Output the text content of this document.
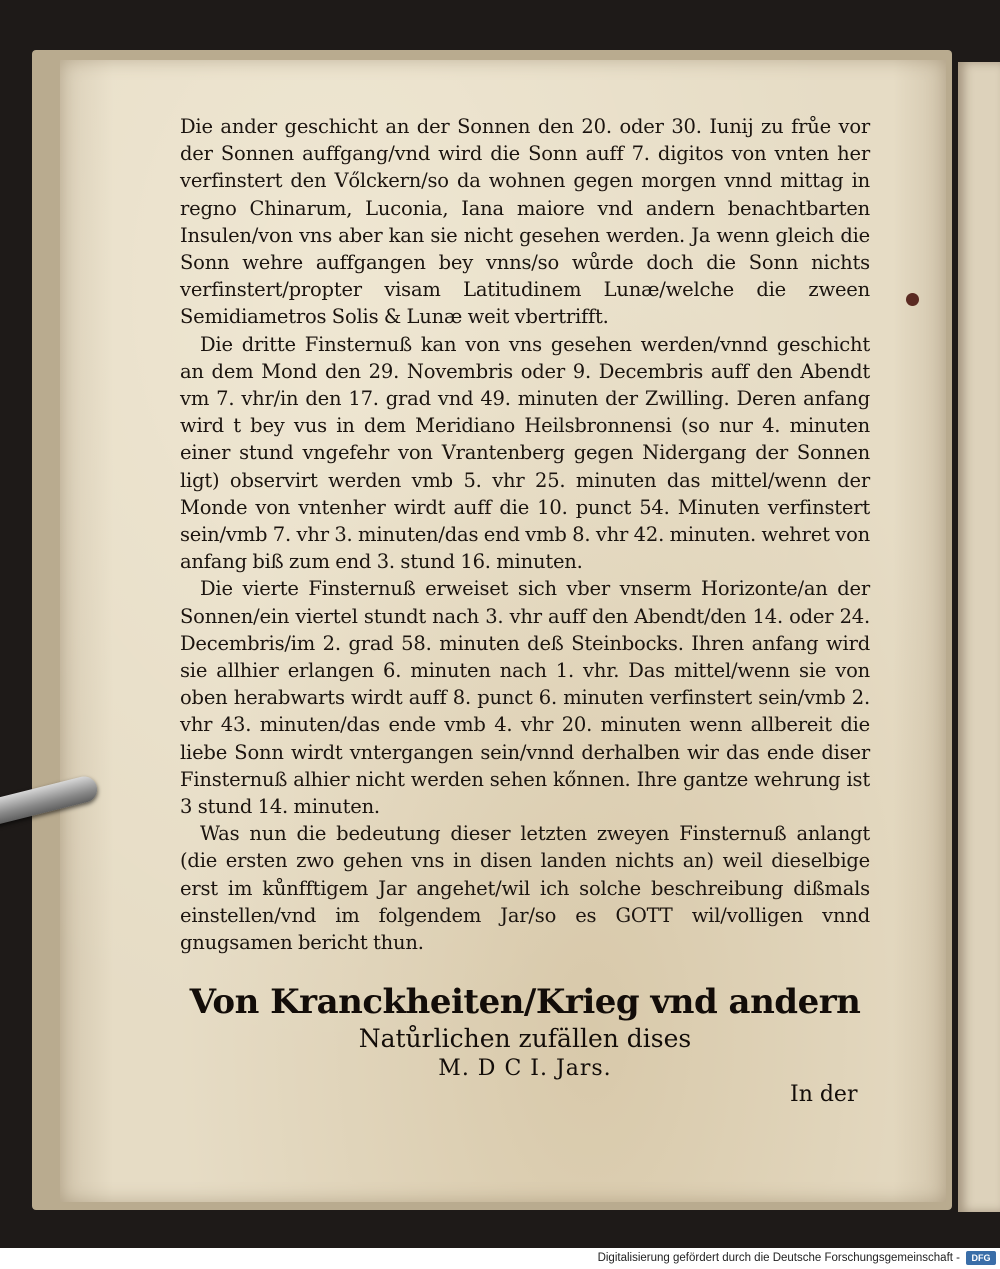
Die ander geschicht an der Sonnen den 20. oder 30. Iunij zu frůe vor der Sonnen auffgang/vnd wird die Sonn auff 7. digitos von vnten her verfinstert den Vőlckern/so da wohnen gegen morgen vnnd mittag in regno Chinarum, Luconia, Iana maiore vnd andern benachtbarten Insulen/von vns aber kan sie nicht gesehen werden. Ja wenn gleich die Sonn wehre auffgangen bey vnns/so wůrde doch die Sonn nichts verfinstert/propter visam Latitudinem Lunæ/welche die zween Semidiametros Solis & Lunæ weit vbertrifft.

Die dritte Finsternuß kan von vns gesehen werden/vnnd geschicht an dem Mond den 29. Novembris oder 9. Decembris auff den Abendt vm 7. vhr/in den 17. grad vnd 49. minuten der Zwilling. Deren anfang wird t bey vus in dem Meridiano Heilsbronnensi (so nur 4. minuten einer stund vngefehr von Vrantenberg gegen Nidergang der Sonnen ligt) observirt werden vmb 5. vhr 25. minuten das mittel/wenn der Monde von vntenher wirdt auff die 10. punct 54. Minuten verfinstert sein/vmb 7. vhr 3. minuten/das end vmb 8. vhr 42. minuten. wehret von anfang biß zum end 3. stund 16. minuten.

Die vierte Finsternuß erweiset sich vber vnserm Horizonte/an der Sonnen/ein viertel stundt nach 3. vhr auff den Abendt/den 14. oder 24. Decembris/im 2. grad 58. minuten deß Steinbocks. Ihren anfang wird sie allhier erlangen 6. minuten nach 1. vhr. Das mittel/wenn sie von oben herabwarts wirdt auff 8. punct 6. minuten verfinstert sein/vmb 2. vhr 43. minuten/das ende vmb 4. vhr 20. minuten wenn allbereit die liebe Sonn wirdt vntergangen sein/vnnd derhalben wir das ende diser Finsternuß alhier nicht werden sehen kőnnen. Ihre gantze wehrung ist 3 stund 14. minuten.

Was nun die bedeutung dieser letzten zweyen Finsternuß anlangt (die ersten zwo gehen vns in disen landen nichts an) weil dieselbige erst im kůnfftigem Jar angehet/wil ich solche beschreibung dißmals einstellen/vnd im folgendem Jar/so es GOTT wil/volligen vnnd gnugsamen bericht thun.

Von Kranckheiten/Krieg vnd andern
Natůrlichen zufällen dises
M. D C I. Jars.
In der
Digitalisierung gefördert durch die Deutsche Forschungsgemeinschaft -	DFG
